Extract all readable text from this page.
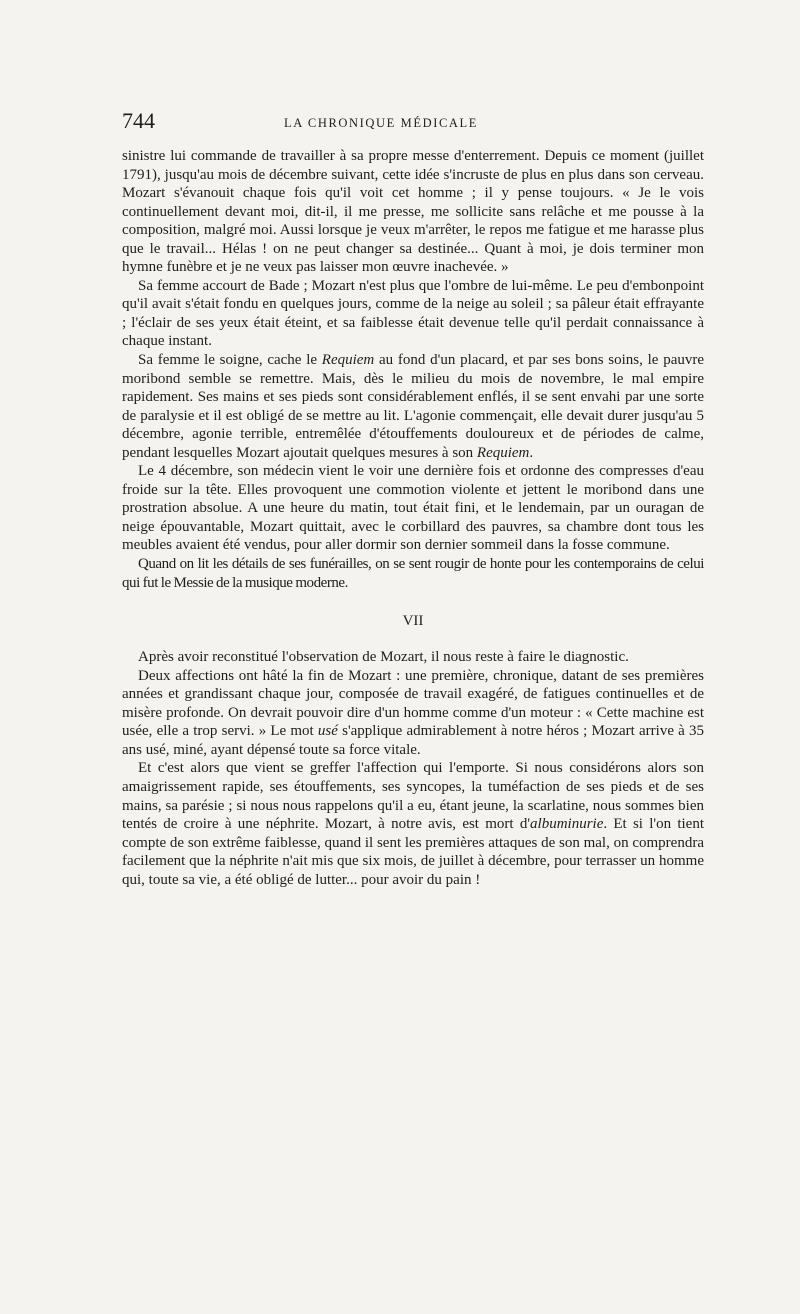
744	LA CHRONIQUE MÉDICALE

sinistre lui commande de travailler à sa propre messe d'enterrement. Depuis ce moment (juillet 1791), jusqu'au mois de décembre suivant, cette idée s'incruste de plus en plus dans son cerveau. Mozart s'évanouit chaque fois qu'il voit cet homme ; il y pense toujours. « Je le vois continuellement devant moi, dit-il, il me presse, me sollicite sans relâche et me pousse à la composition, malgré moi. Aussi lorsque je veux m'arrêter, le repos me fatigue et me harasse plus que le travail... Hélas ! on ne peut changer sa destinée... Quant à moi, je dois terminer mon hymne funèbre et je ne veux pas laisser mon œuvre inachevée. »

Sa femme accourt de Bade ; Mozart n'est plus que l'ombre de lui-même. Le peu d'embonpoint qu'il avait s'était fondu en quelques jours, comme de la neige au soleil ; sa pâleur était effrayante ; l'éclair de ses yeux était éteint, et sa faiblesse était devenue telle qu'il perdait connaissance à chaque instant.

Sa femme le soigne, cache le Requiem au fond d'un placard, et par ses bons soins, le pauvre moribond semble se remettre. Mais, dès le milieu du mois de novembre, le mal empire rapidement. Ses mains et ses pieds sont considérablement enflés, il se sent envahi par une sorte de paralysie et il est obligé de se mettre au lit. L'agonie commençait, elle devait durer jusqu'au 5 décembre, agonie terrible, entremêlée d'étouffements douloureux et de périodes de calme, pendant lesquelles Mozart ajoutait quelques mesures à son Requiem.

Le 4 décembre, son médecin vient le voir une dernière fois et ordonne des compresses d'eau froide sur la tête. Elles provoquent une commotion violente et jettent le moribond dans une prostration absolue. A une heure du matin, tout était fini, et le lendemain, par un ouragan de neige épouvantable, Mozart quittait, avec le corbillard des pauvres, sa chambre dont tous les meubles avaient été vendus, pour aller dormir son dernier sommeil dans la fosse commune.

Quand on lit les détails de ses funérailles, on se sent rougir de honte pour les contemporains de celui qui fut le Messie de la musique moderne.

VII

Après avoir reconstitué l'observation de Mozart, il nous reste à faire le diagnostic.

Deux affections ont hâté la fin de Mozart : une première, chronique, datant de ses premières années et grandissant chaque jour, composée de travail exagéré, de fatigues continuelles et de misère profonde. On devrait pouvoir dire d'un homme comme d'un moteur : « Cette machine est usée, elle a trop servi. » Le mot usé s'applique admirablement à notre héros ; Mozart arrive à 35 ans usé, miné, ayant dépensé toute sa force vitale.

Et c'est alors que vient se greffer l'affection qui l'emporte. Si nous considérons alors son amaigrissement rapide, ses étouffements, ses syncopes, la tuméfaction de ses pieds et de ses mains, sa parésie ; si nous nous rappelons qu'il a eu, étant jeune, la scarlatine, nous sommes bien tentés de croire à une néphrite. Mozart, à notre avis, est mort d'albuminurie. Et si l'on tient compte de son extrême faiblesse, quand il sent les premières attaques de son mal, on comprendra facilement que la néphrite n'ait mis que six mois, de juillet à décembre, pour terrasser un homme qui, toute sa vie, a été obligé de lutter... pour avoir du pain !
